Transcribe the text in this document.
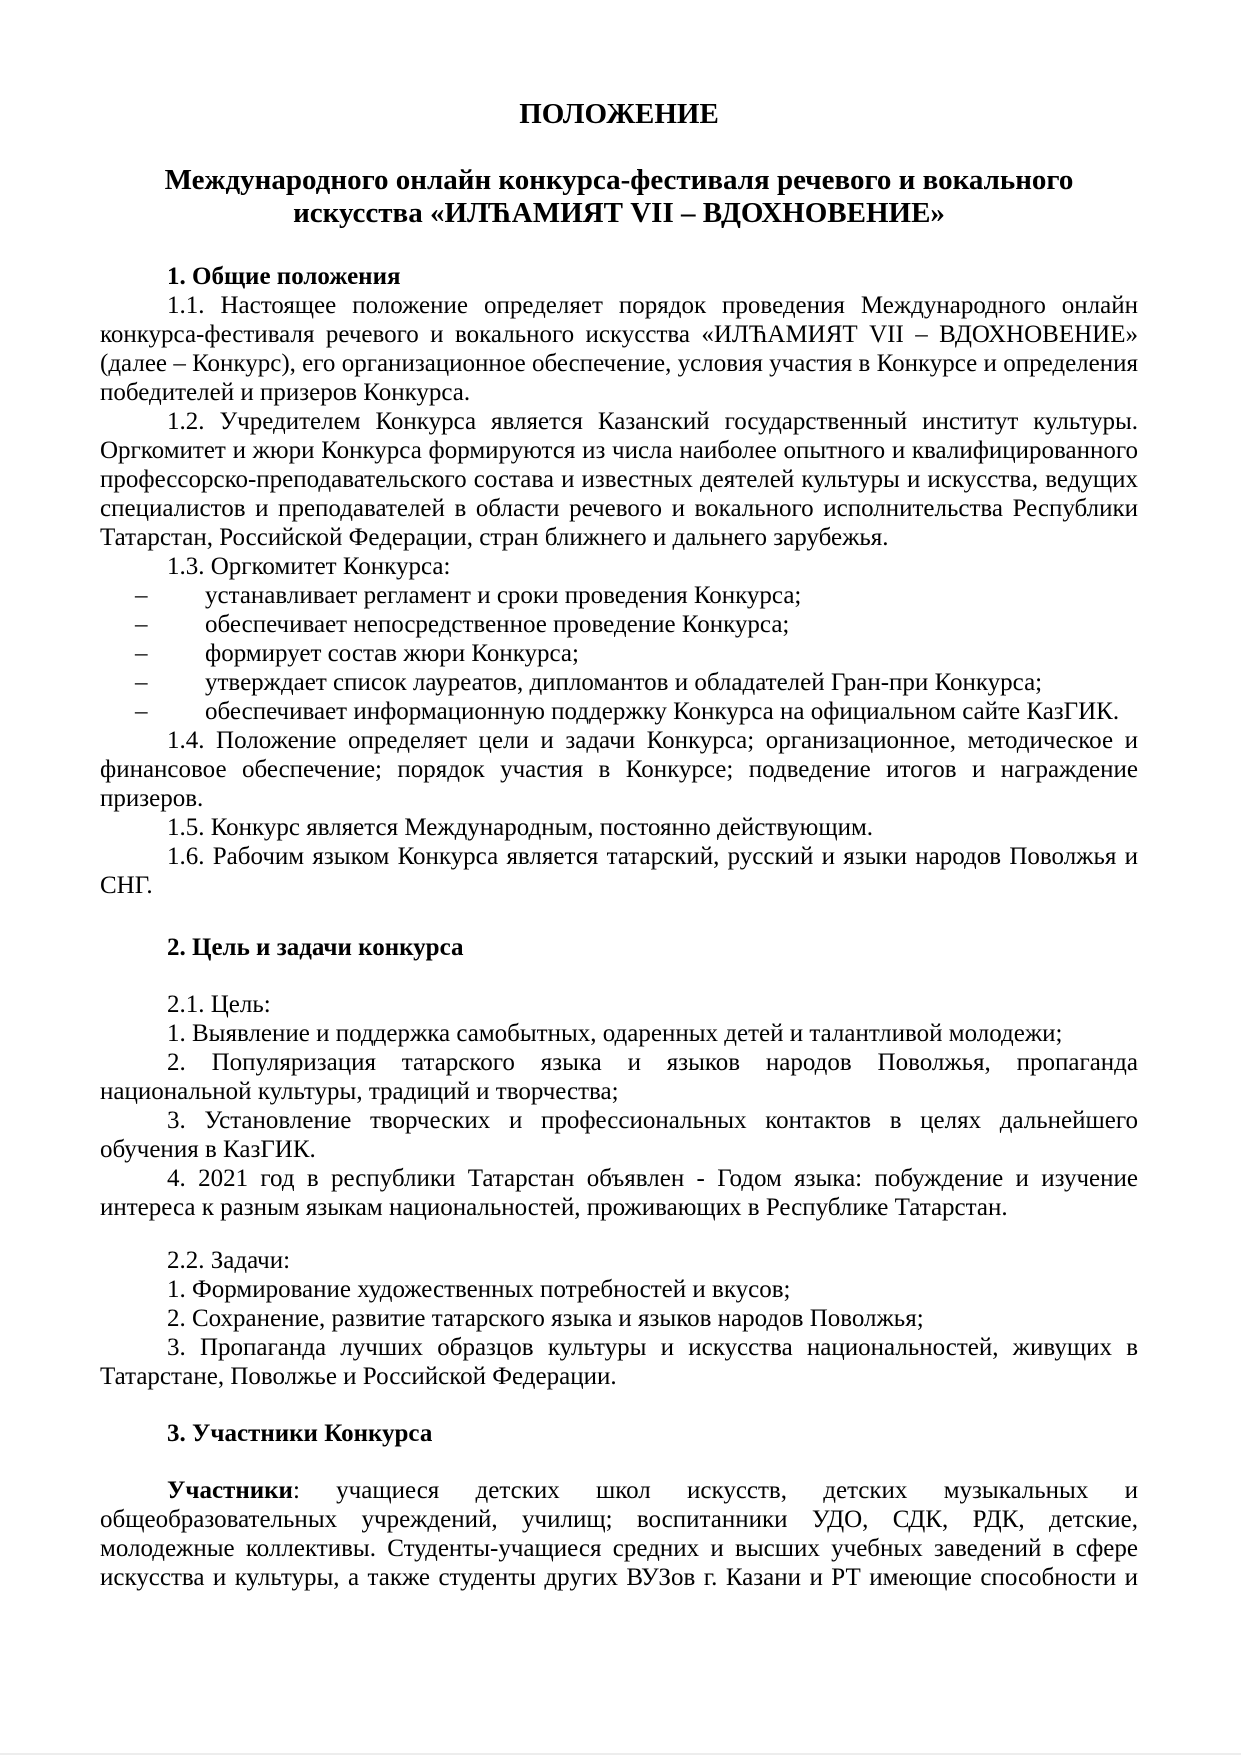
ПОЛОЖЕНИЕ

Международного онлайн конкурса-фестиваля речевого и вокального
искусства «ИЛЋАМИЯТ VII – ВДОХНОВЕНИЕ»

1. Общие положения

1.1. Настоящее положение определяет порядок проведения Международного онлайн конкурса-фестиваля речевого и вокального искусства «ИЛЋАМИЯТ VII – ВДОХНОВЕНИЕ» (далее – Конкурс), его организационное обеспечение, условия участия в Конкурсе и определения победителей и призеров Конкурса.

1.2. Учредителем Конкурса является Казанский государственный институт культуры. Оргкомитет и жюри Конкурса формируются из числа наиболее опытного и квалифицированного профессорско-преподавательского состава и известных деятелей культуры и искусства, ведущих специалистов и преподавателей в области речевого и вокального исполнительства Республики Татарстан, Российской Федерации, стран ближнего и дальнего зарубежья.

1.3. Оргкомитет Конкурса:

– устанавливает регламент и сроки проведения Конкурса;
– обеспечивает непосредственное проведение Конкурса;
– формирует состав жюри Конкурса;
– утверждает список лауреатов, дипломантов и обладателей Гран-при Конкурса;
– обеспечивает информационную поддержку Конкурса на официальном сайте КазГИК.

1.4. Положение определяет цели и задачи Конкурса; организационное, методическое и финансовое обеспечение; порядок участия в Конкурсе; подведение итогов и награждение призеров.

1.5. Конкурс является Международным, постоянно действующим.

1.6. Рабочим языком Конкурса является татарский, русский и языки народов Поволжья и СНГ.

2. Цель и задачи конкурса

2.1. Цель:

1. Выявление и поддержка самобытных, одаренных детей и талантливой молодежи;

2. Популяризация татарского языка и языков народов Поволжья, пропаганда национальной культуры, традиций и творчества;

3. Установление творческих и профессиональных контактов в целях дальнейшего обучения в КазГИК.

4. 2021 год в республики Татарстан объявлен - Годом языка: побуждение и изучение интереса к разным языкам национальностей, проживающих в Республике Татарстан.

2.2. Задачи:

1. Формирование художественных потребностей и вкусов;

2. Сохранение, развитие татарского языка и языков народов Поволжья;

3. Пропаганда лучших образцов культуры и искусства национальностей, живущих в Татарстане, Поволжье и Российской Федерации.

3. Участники Конкурса

Участники: учащиеся детских школ искусств, детских музыкальных и общеобразовательных учреждений, училищ; воспитанники УДО, СДК, РДК, детские, молодежные коллективы. Студенты-учащиеся средних и высших учебных заведений в сфере искусства и культуры, а также студенты других ВУЗов г. Казани и РТ имеющие способности и
